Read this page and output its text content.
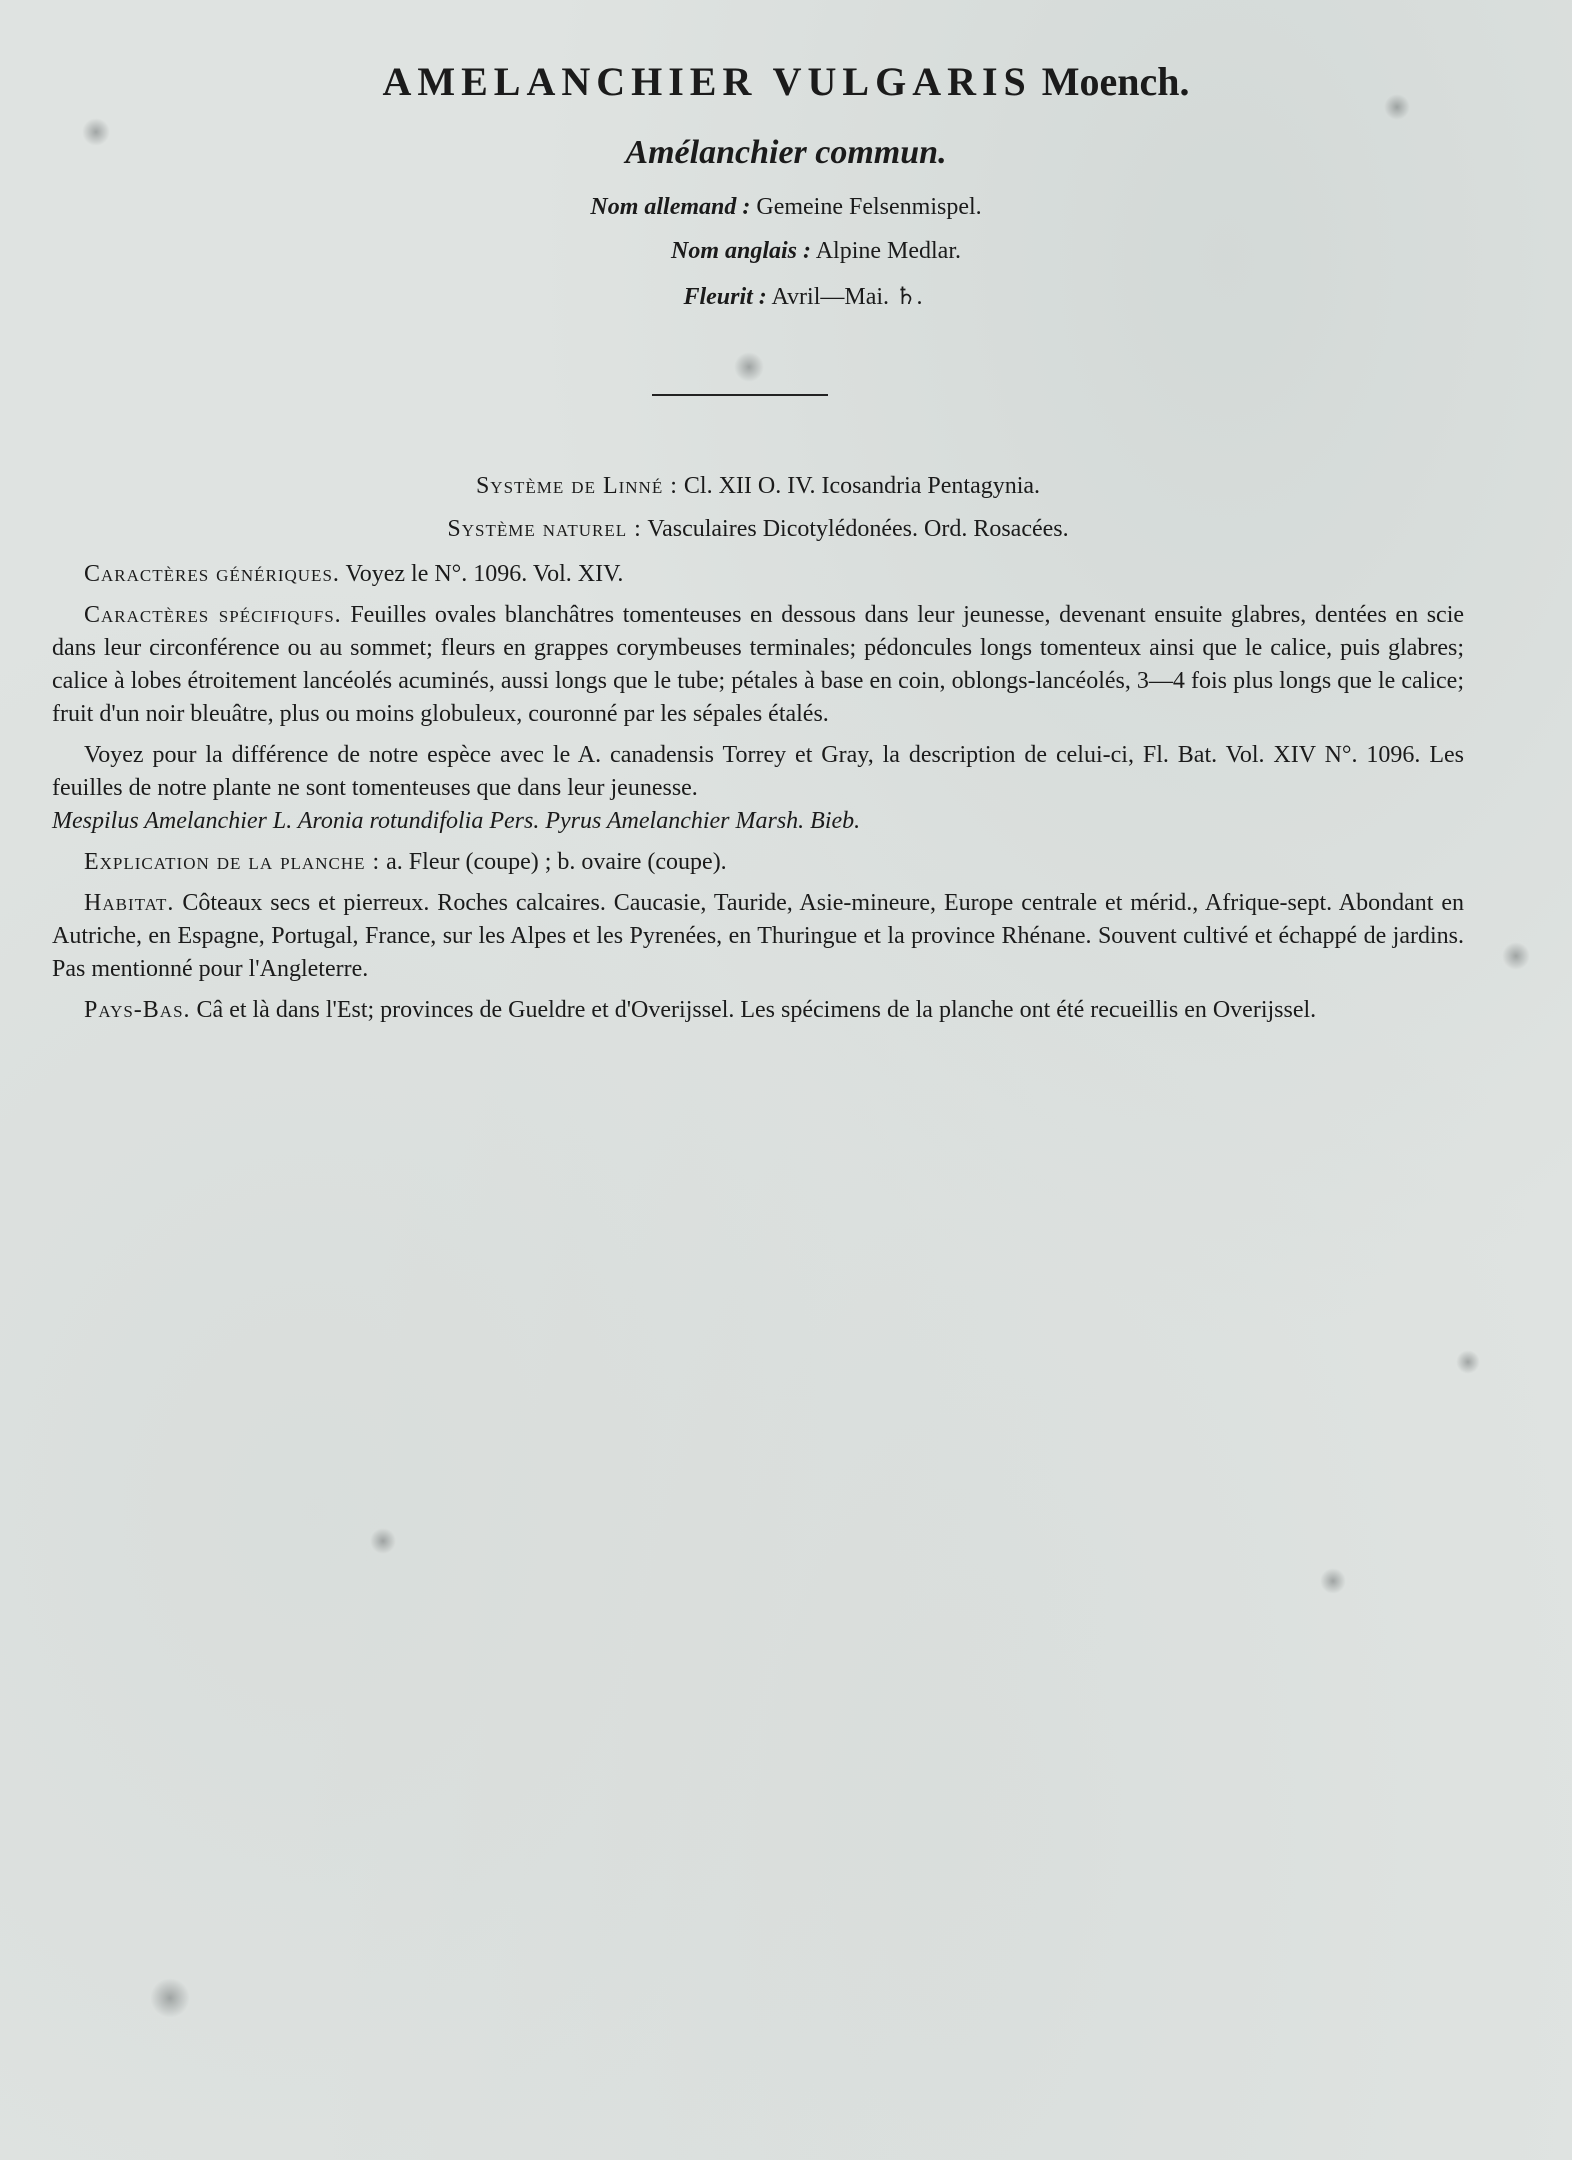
AMELANCHIER VULGARIS Moench.
Amélanchier commun.
Nom allemand : Gemeine Felsenmispel.
Nom anglais : Alpine Medlar.
Fleurit : Avril—Mai. ♄.
Système de Linné : Cl. XII O. IV. Icosandria Pentagynia.
Système naturel : Vasculaires Dicotylédonées. Ord. Rosacées.

Caractères génériques. Voyez le N°. 1096. Vol. XIV.

Caractères spécifiqufs. Feuilles ovales blanchâtres tomenteuses en dessous dans leur jeunesse, devenant ensuite glabres, dentées en scie dans leur circonférence ou au sommet; fleurs en grappes corymbeuses terminales; pédoncules longs tomenteux ainsi que le calice, puis glabres; calice à lobes étroitement lancéolés acuminés, aussi longs que le tube; pétales à base en coin, oblongs-lancéolés, 3—4 fois plus longs que le calice; fruit d'un noir bleuâtre, plus ou moins globuleux, couronné par les sépales étalés.

Voyez pour la différence de notre espèce avec le A. canadensis Torrey et Gray, la description de celui-ci, Fl. Bat. Vol. XIV N°. 1096. Les feuilles de notre plante ne sont tomenteuses que dans leur jeunesse.

Mespilus Amelanchier L. Aronia rotundifolia Pers. Pyrus Amelanchier Marsh. Bieb.

Explication de la planche : a. Fleur (coupe) ; b. ovaire (coupe).

Habitat. Côteaux secs et pierreux. Roches calcaires. Caucasie, Tauride, Asie-mineure, Europe centrale et mérid., Afrique-sept. Abondant en Autriche, en Espagne, Portugal, France, sur les Alpes et les Pyrenées, en Thuringue et la province Rhénane. Souvent cultivé et échappé de jardins. Pas mentionné pour l'Angleterre.

Pays-Bas. Câ et là dans l'Est; provinces de Gueldre et d'Overijssel. Les spécimens de la planche ont été recueillis en Overijssel.
